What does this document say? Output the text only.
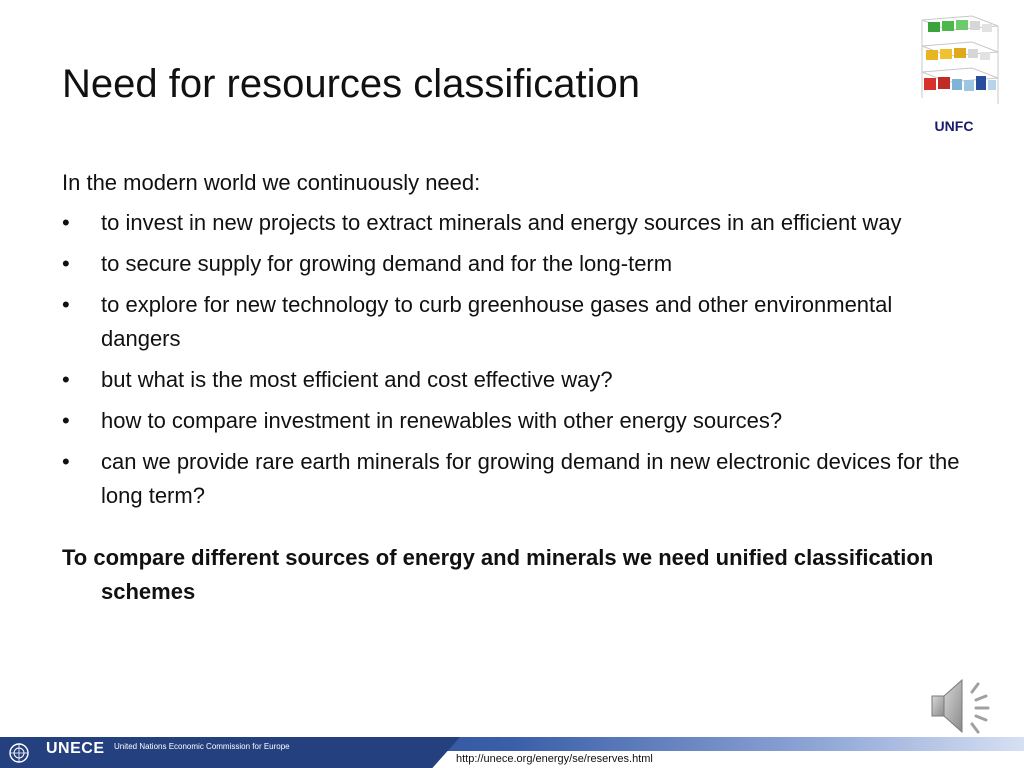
Need for resources classification
UNFC
In the modern world we continuously need:
•	to invest in new projects to extract minerals and energy sources in an efficient way
•	to secure supply for growing demand and for the long-term
•	to explore for new technology to curb greenhouse gases and other environmental dangers
•	but what is the most efficient and cost effective way?
•	how to compare investment in renewables with other energy sources?
•	can we provide rare earth minerals for growing demand in new electronic devices for the long term?
To compare different sources of energy and minerals we need unified classification schemes
UNECE United Nations Economic Commission for Europe
http://unece.org/energy/se/reserves.html
